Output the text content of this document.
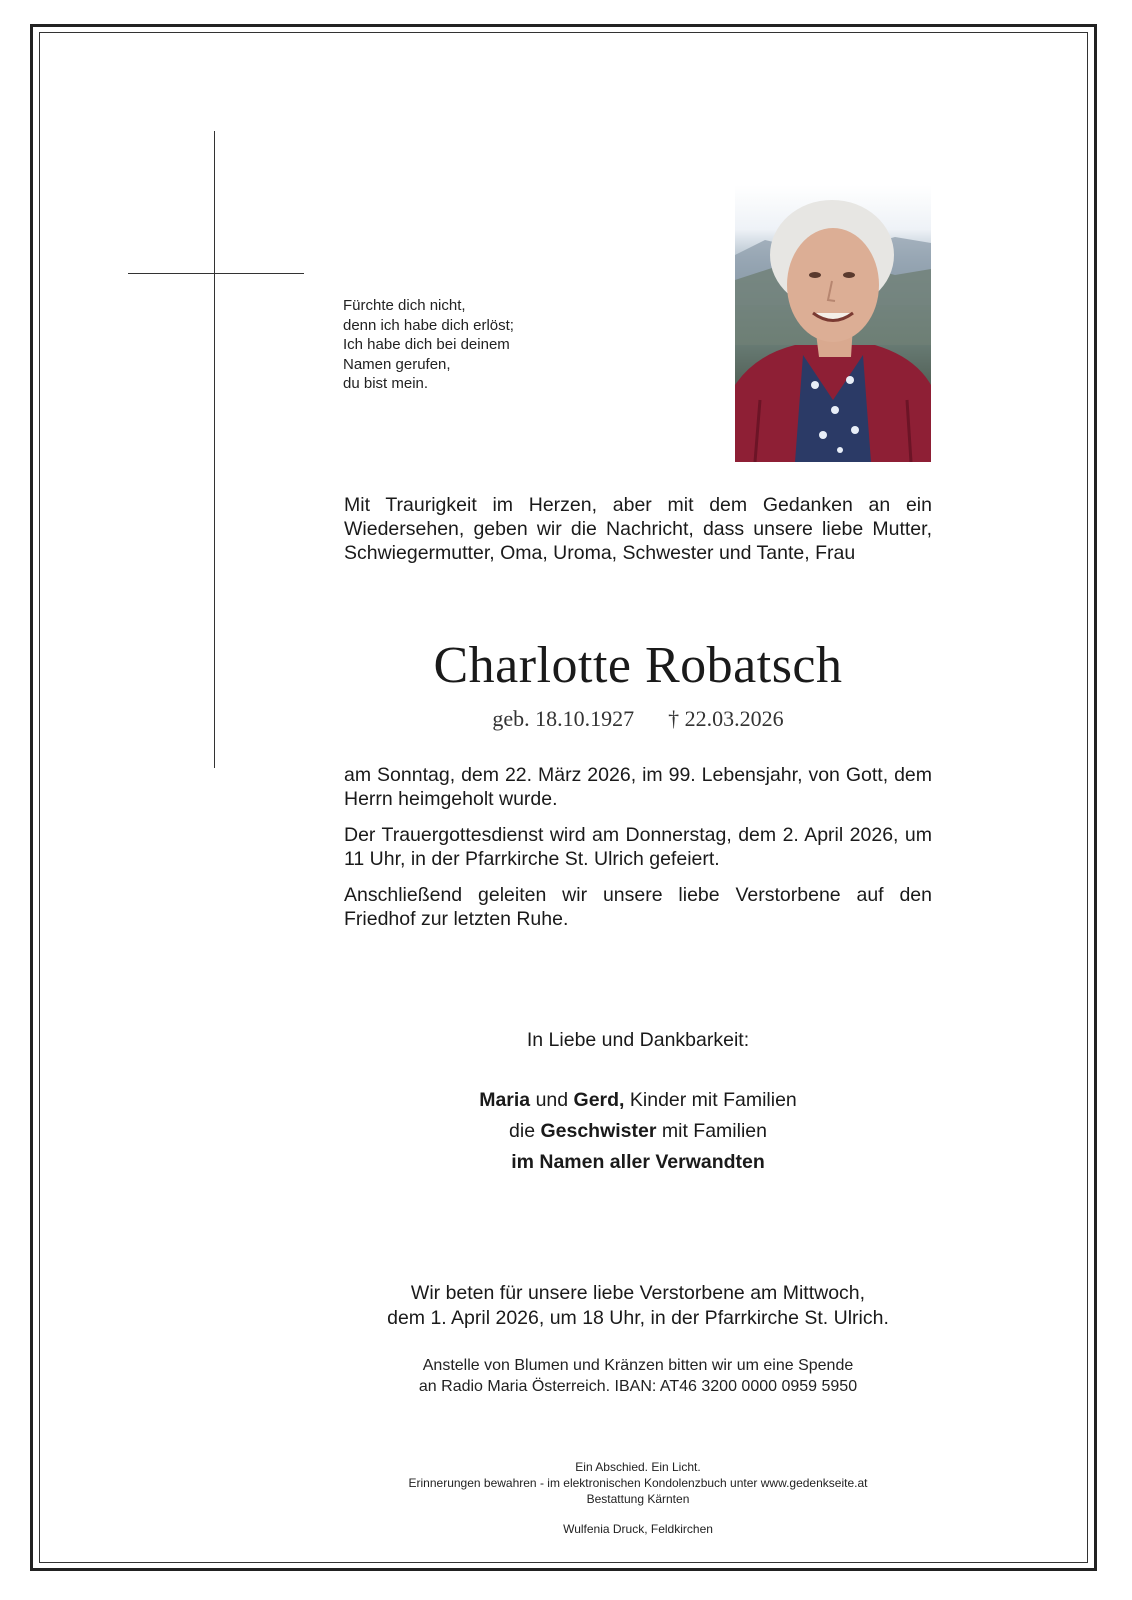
Fürchte dich nicht,
denn ich habe dich erlöst;
Ich habe dich bei deinem
Namen gerufen,
du bist mein.
Mit Traurigkeit im Herzen, aber mit dem Gedanken an ein Wiedersehen, geben wir die Nachricht, dass unsere liebe Mutter, Schwiegermutter, Oma, Uroma, Schwester und Tante, Frau
Charlotte Robatsch
geb. 18.10.1927 † 22.03.2026
am Sonntag, dem 22. März 2026, im 99. Lebensjahr, von Gott, dem Herrn heimgeholt wurde.
Der Trauergottesdienst wird am Donnerstag, dem 2. April 2026, um 11 Uhr, in der Pfarrkirche St. Ulrich gefeiert.
Anschließend geleiten wir unsere liebe Verstorbene auf den Friedhof zur letzten Ruhe.
In Liebe und Dankbarkeit:
Maria und Gerd, Kinder mit Familien
die Geschwister mit Familien
im Namen aller Verwandten
Wir beten für unsere liebe Verstorbene am Mittwoch,
dem 1. April 2026, um 18 Uhr, in der Pfarrkirche St. Ulrich.
Anstelle von Blumen und Kränzen bitten wir um eine Spende
an Radio Maria Österreich. IBAN: AT46 3200 0000 0959 5950
Ein Abschied. Ein Licht.
Erinnerungen bewahren - im elektronischen Kondolenzbuch unter www.gedenkseite.at
Bestattung Kärnten
Wulfenia Druck, Feldkirchen
